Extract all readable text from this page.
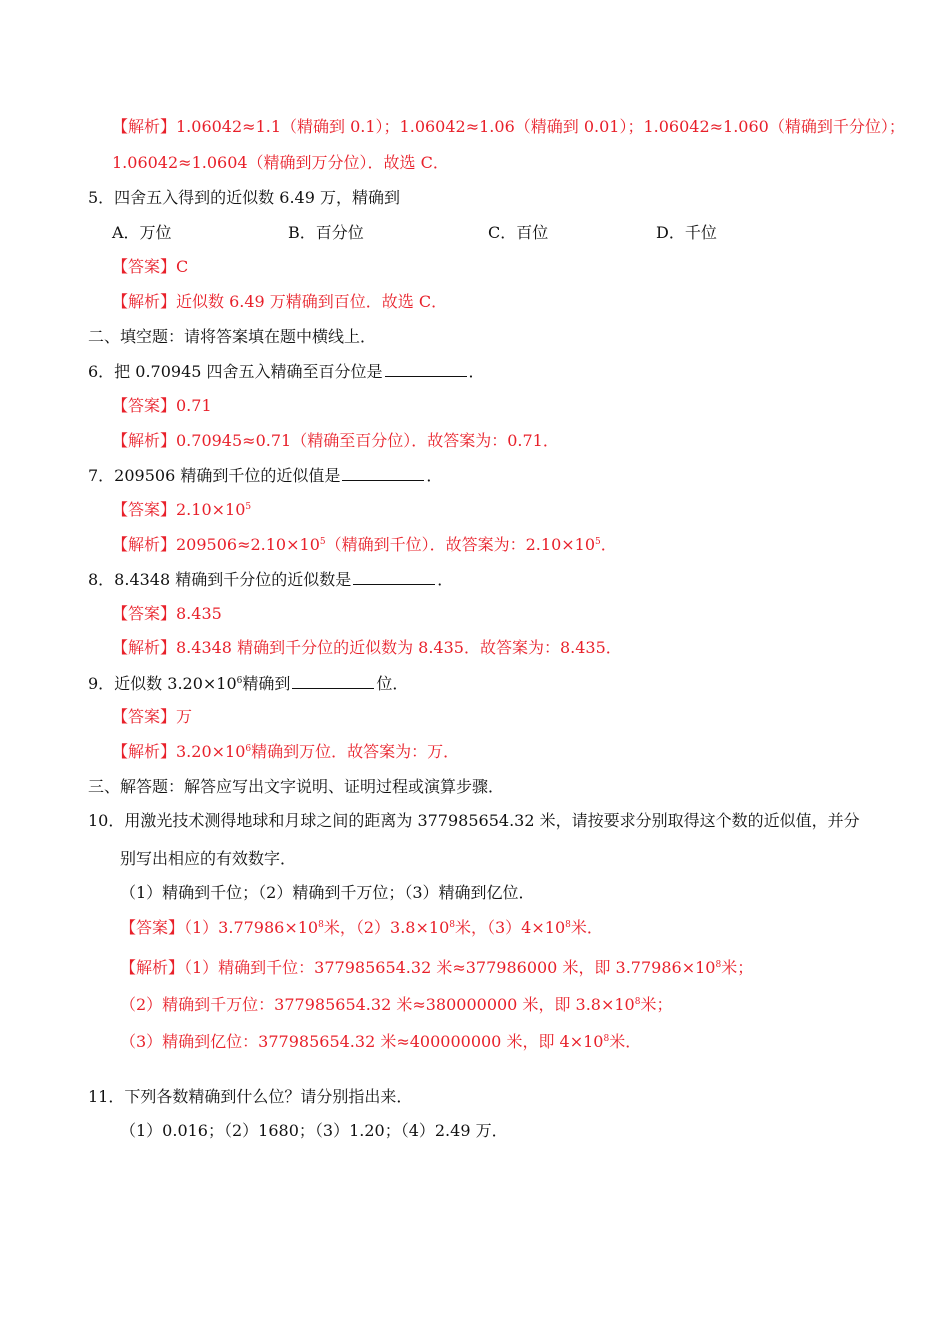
【解析】1.06042≈1.1（精确到 0.1）；1.06042≈1.06（精确到 0.01）；1.06042≈1.060（精确到千分位）；
1.06042≈1.0604（精确到万分位）．故选 C．
5．四舍五入得到的近似数 6.49 万，精确到
A．万位	B．百分位	C．百位	D．千位
【答案】C
【解析】近似数 6.49 万精确到百位．故选 C．
二、填空题：请将答案填在题中横线上．
6．把 0.70945 四舍五入精确至百分位是	．
【答案】0.71
【解析】0.70945≈0.71（精确至百分位）．故答案为：0.71．
7．209506 精确到千位的近似值是	．
【答案】$2.10\times 10^5$
【解析】$209506\approx 2.10\times 10^5$（精确到千位）．故答案为：$2.10\times 10^5$．
8．8.4348 精确到千分位的近似数是	．
【答案】8.435
【解析】8.4348 精确到千分位的近似数为 8.435．故答案为：8.435．
9．近似数 $3.20\times 10^6$精确到	位．
【答案】万
【解析】$3.20\times 10^6$精确到万位．故答案为：万．
三、解答题：解答应写出文字说明、证明过程或演算步骤．
10．用激光技术测得地球和月球之间的距离为 377985654.32 米，请按要求分别取得这个数的近似值，并分
别写出相应的有效数字．
（1）精确到千位；（2）精确到千万位；（3）精确到亿位．
【答案】$(1)3.77986\times 10^8$米，$(2)3.8\times 10^8$米，$(3)4\times 10^8$米．
【解析】（1）精确到千位：377985654.32 米≈377986000 米，即 $3.77986\times 10^8$米；
（2）精确到千万位：377985654.32 米≈380000000 米，即 $3.8\times 10^8$米；
（3）精确到亿位：377985654.32 米≈400000000 米，即 $4\times 10^8$米．
11．下列各数精确到什么位？请分别指出来．
（1）0.016；（2）1680；（3）1.20；（4）2.49 万．
